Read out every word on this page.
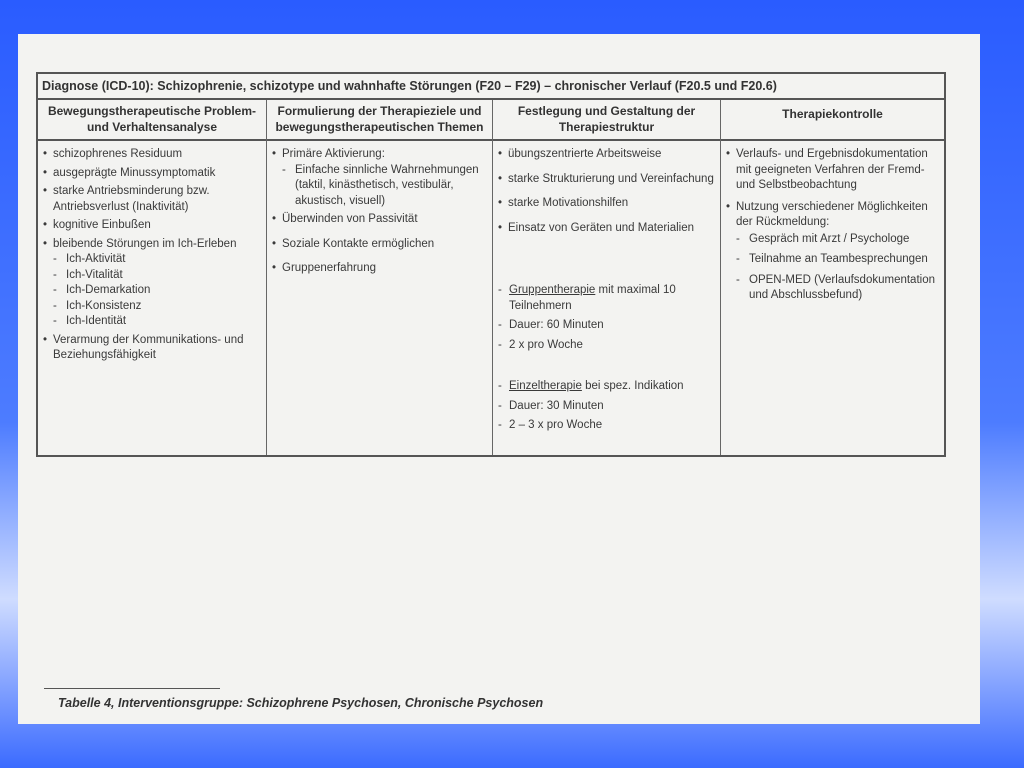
Diagnose (ICD-10): Schizophrenie, schizotype und wahnhafte Störungen (F20 – F29) – chronischer Verlauf (F20.5 und F20.6)
Bewegungstherapeutische Problem-
und Verhaltensanalyse
• schizophrenes Residuum
• ausgeprägte Minussymptomatik
• starke Antriebsminderung bzw. Antriebsverlust (Inaktivität)
• kognitive Einbußen
• bleibende Störungen im Ich-Erleben
- Ich-Aktivität
- Ich-Vitalität
- Ich-Demarkation
- Ich-Konsistenz
- Ich-Identität
• Verarmung der Kommunikations- und Beziehungsfähigkeit
Formulierung der Therapieziele und
bewegungstherapeutischen Themen
• Primäre Aktivierung:
- Einfache sinnliche Wahrnehmungen (taktil, kinästhetisch, vestibulär, akustisch, visuell)
• Überwinden von Passivität
• Soziale Kontakte ermöglichen
• Gruppenerfahrung
Festlegung und Gestaltung der
Therapiestruktur
• übungszentrierte Arbeitsweise
• starke Strukturierung und Vereinfachung
• starke Motivationshilfen
• Einsatz von Geräten und Materialien
- Gruppentherapie mit maximal 10 Teilnehmern
- Dauer: 60 Minuten
- 2 x pro Woche
- Einzeltherapie bei spez. Indikation
- Dauer: 30 Minuten
- 2 – 3 x pro Woche
Therapiekontrolle
• Verlaufs- und Ergebnisdokumentation mit geeigneten Verfahren der Fremd- und Selbstbeobachtung
• Nutzung verschiedener Möglichkeiten der Rückmeldung:
- Gespräch mit Arzt / Psychologe
- Teilnahme an Teambesprechungen
- OPEN-MED (Verlaufsdokumentation und Abschlussbefund)
Tabelle 4, Interventionsgruppe: Schizophrene Psychosen, Chronische Psychosen
